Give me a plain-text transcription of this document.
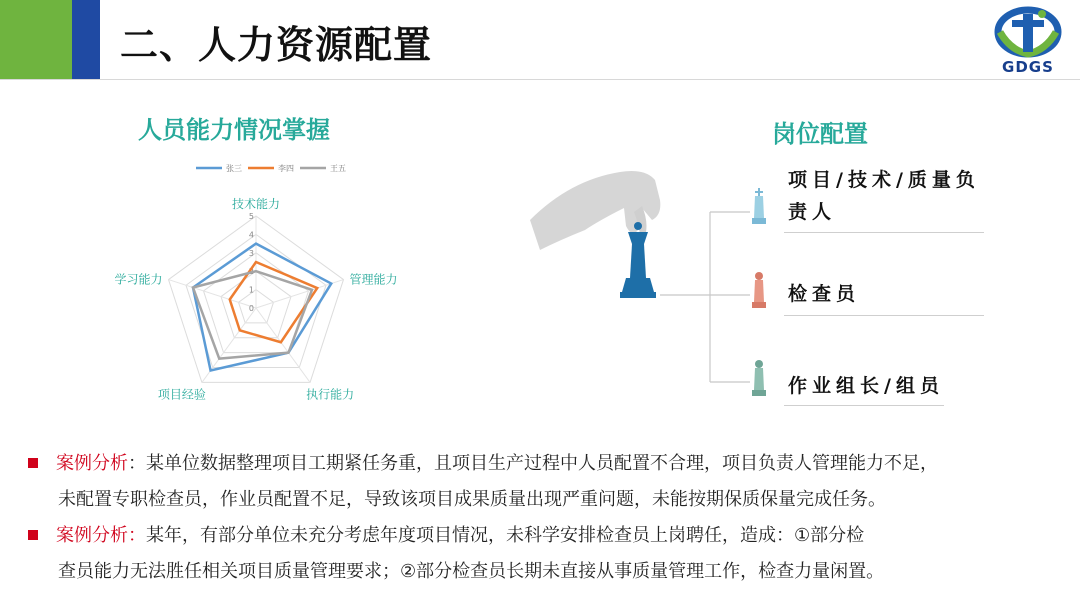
二、人力资源配置	GDGS
人员能力情况掌握
张三	李四	王五
0
1
2
3
4
5
技术能力
管理能力
执行能力
项目经验
学习能力
岗位配置
项目/技术/质量负
责人
检查员
作业组长/组员
案例分析：某单位数据整理项目工期紧任务重，且项目生产过程中人员配置不合理，项目负责人管理能力不足，
未配置专职检查员，作业员配置不足，导致该项目成果质量出现严重问题，未能按期保质保量完成任务。
案例分析：某年，有部分单位未充分考虑年度项目情况，未科学安排检查员上岗聘任，造成：①部分检
查员能力无法胜任相关项目质量管理要求；②部分检查员长期未直接从事质量管理工作，检查力量闲置。
